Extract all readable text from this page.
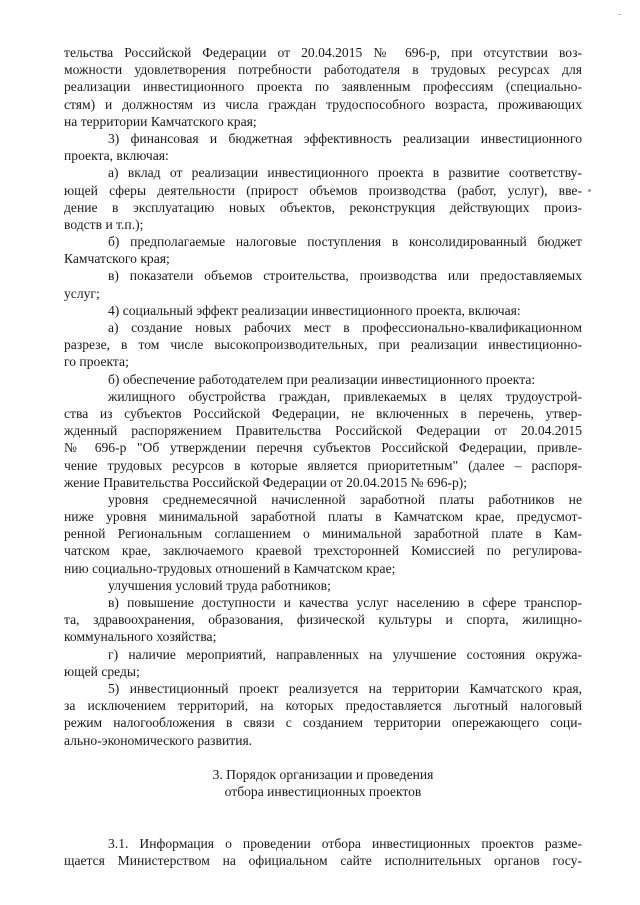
тельства Российской Федерации от 20.04.2015 № 696-р, при отсутствии воз-
можности удовлетворения потребности работодателя в трудовых ресурсах для
реализации инвестиционного проекта по заявленным профессиям (специально-
стям) и должностям из числа граждан трудоспособного возраста, проживающих
на территории Камчатского края;
3) финансовая и бюджетная эффективность реализации инвестиционного
проекта, включая:
а) вклад от реализации инвестиционного проекта в развитие соответству-
ющей сферы деятельности (прирост объемов производства (работ, услуг), вве-
дение в эксплуатацию новых объектов, реконструкция действующих произ-
водств и т.п.);
б) предполагаемые налоговые поступления в консолидированный бюджет
Камчатского края;
в) показатели объемов строительства, производства или предоставляемых
услуг;
4) социальный эффект реализации инвестиционного проекта, включая:
а) создание новых рабочих мест в профессионально-квалификационном
разрезе, в том числе высокопроизводительных, при реализации инвестиционно-
го проекта;
б) обеспечение работодателем при реализации инвестиционного проекта:
жилищного обустройства граждан, привлекаемых в целях трудоустрой-
ства из субъектов Российской Федерации, не включенных в перечень, утвер-
жденный распоряжением Правительства Российской Федерации от 20.04.2015
№ 696-р "Об утверждении перечня субъектов Российской Федерации, привле-
чение трудовых ресурсов в которые является приоритетным" (далее – распоря-
жение Правительства Российской Федерации от 20.04.2015 № 696-р);
уровня среднемесячной начисленной заработной платы работников не
ниже уровня минимальной заработной платы в Камчатском крае, предусмот-
ренной Региональным соглашением о минимальной заработной плате в Кам-
чатском крае, заключаемого краевой трехсторонней Комиссией по регулирова-
нию социально-трудовых отношений в Камчатском крае;
улучшения условий труда работников;
в) повышение доступности и качества услуг населению в сфере транспор-
та, здравоохранения, образования, физической культуры и спорта, жилищно-
коммунального хозяйства;
г) наличие мероприятий, направленных на улучшение состояния окружа-
ющей среды;
5) инвестиционный проект реализуется на территории Камчатского края,
за исключением территорий, на которых предоставляется льготный налоговый
режим налогообложения в связи с созданием территории опережающего соци-
ально-экономического развития.
3. Порядок организации и проведения
отбора инвестиционных проектов
3.1. Информация о проведении отбора инвестиционных проектов разме-
щается Министерством на официальном сайте исполнительных органов госу-
